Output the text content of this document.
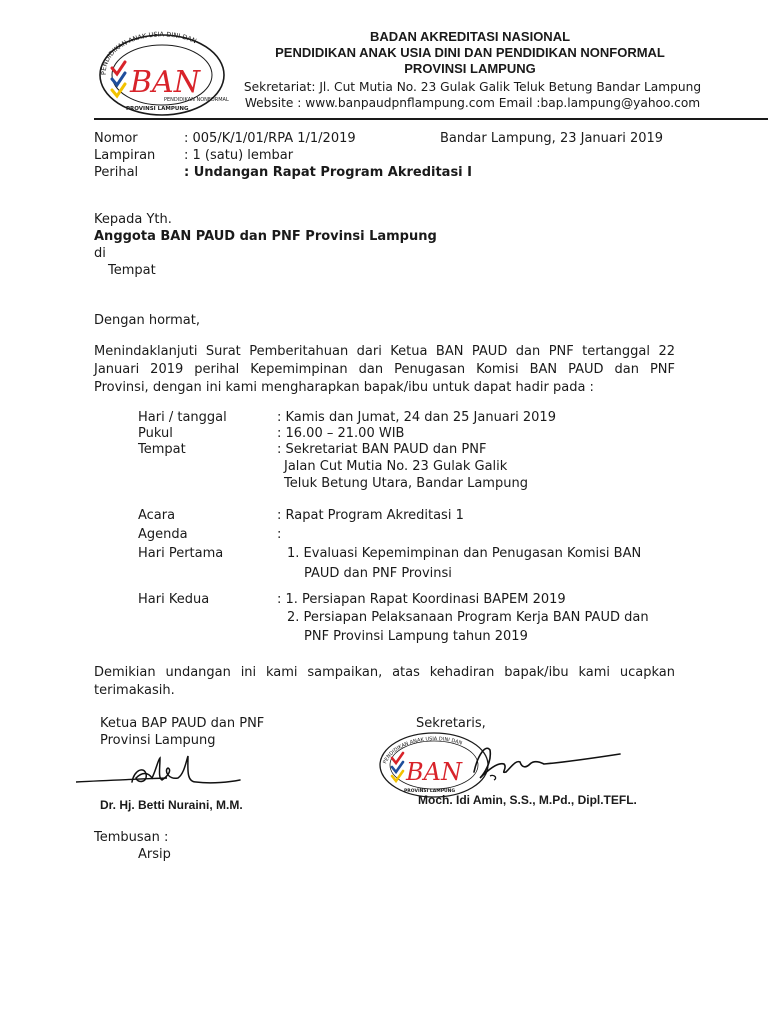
PENDIDIKAN ANAK USIA DINI DAN
BAN
PENDIDIKAN NONFORMAL
PROVINSI LAMPUNG
BADAN AKREDITASI NASIONAL
PENDIDIKAN ANAK USIA DINI DAN PENDIDIKAN NONFORMAL
PROVINSI LAMPUNG
Sekretariat: Jl. Cut Mutia No. 23 Gulak Galik Teluk Betung Bandar Lampung
Website : www.banpaudpnflampung.com Email :bap.lampung@yahoo.com
Nomor	: 005/K/1/01/RPA 1/1/2019	Bandar Lampung, 23 Januari 2019
Lampiran : 1 (satu) lembar
Perihal	: Undangan Rapat Program Akreditasi I
Kepada Yth.
Anggota BAN PAUD dan PNF Provinsi Lampung
di
Tempat
Dengan hormat,
Menindaklanjuti Surat Pemberitahuan dari Ketua BAN PAUD dan PNF tertanggal 22
Januari 2019 perihal Kepemimpinan dan Penugasan Komisi BAN PAUD dan PNF
Provinsi, dengan ini kami mengharapkan bapak/ibu untuk dapat hadir pada :
Hari / tanggal	: Kamis dan Jumat, 24 dan 25 Januari 2019
Pukul	: 16.00 – 21.00 WIB
Tempat	: Sekretariat BAN PAUD dan PNF
Jalan Cut Mutia No. 23 Gulak Galik
Teluk Betung Utara, Bandar Lampung
Acara	: Rapat Program Akreditasi 1
Agenda	:
Hari Pertama	1. Evaluasi Kepemimpinan dan Penugasan Komisi BAN
PAUD dan PNF Provinsi
Hari Kedua	: 1. Persiapan Rapat Koordinasi BAPEM 2019
2. Persiapan Pelaksanaan Program Kerja BAN PAUD dan
PNF Provinsi Lampung tahun 2019
Demikian undangan ini kami sampaikan, atas kehadiran bapak/ibu kami ucapkan
terimakasih.
Ketua BAP PAUD dan PNF
Provinsi Lampung
Dr. Hj. Betti Nuraini, M.M.
Sekretaris,
PENDIDIKAN ANAK USIA DINI DAN
BAN
PROVINSI LAMPUNG
Moch. Idi Amin, S.S., M.Pd., Dipl.TEFL.
Tembusan :
Arsip
